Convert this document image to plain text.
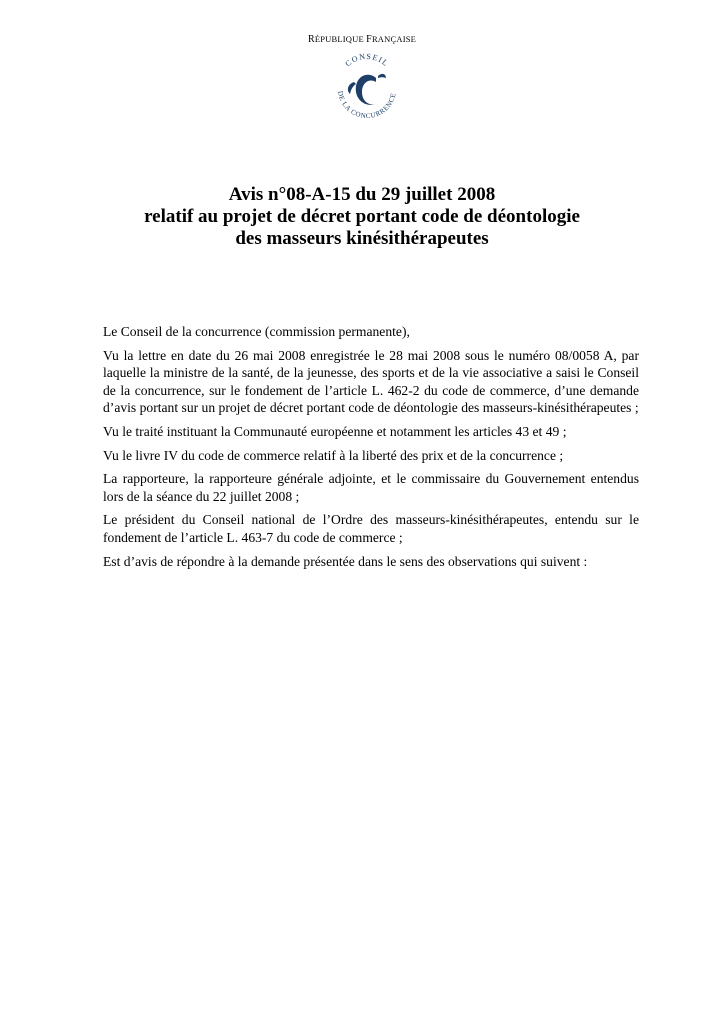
RÉPUBLIQUE FRANÇAISE
CONSEIL
DE LA CONCURRENCE
Avis n°08-A-15 du 29 juillet 2008
relatif au projet de décret portant code de déontologie
des masseurs kinésithérapeutes

Le Conseil de la concurrence (commission permanente),

Vu la lettre en date du 26 mai 2008 enregistrée le 28 mai 2008 sous le numéro 08/0058 A, par laquelle la ministre de la santé, de la jeunesse, des sports et de la vie associative a saisi le Conseil de la concurrence, sur le fondement de l’article L. 462-2 du code de commerce, d’une demande d’avis portant sur un projet de décret portant code de déontologie des masseurs-kinésithérapeutes ;

Vu le traité instituant la Communauté européenne et notamment les articles 43 et 49 ;

Vu le livre IV du code de commerce relatif à la liberté des prix et de la concurrence ;

La rapporteure, la rapporteure générale adjointe, et le commissaire du Gouvernement entendus lors de la séance du 22 juillet 2008 ;

Le président du Conseil national de l’Ordre des masseurs-kinésithérapeutes, entendu sur le fondement de l’article L. 463-7 du code de commerce ;

Est d’avis de répondre à la demande présentée dans le sens des observations qui suivent :
